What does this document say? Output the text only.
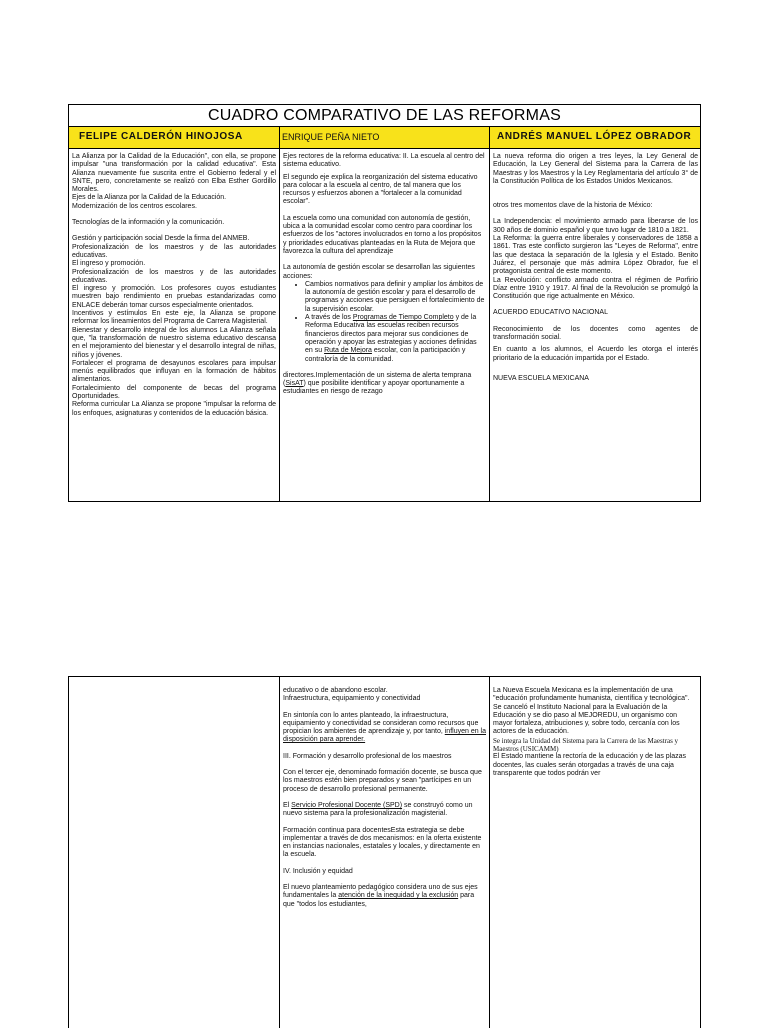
CUADRO COMPARATIVO DE LAS REFORMAS
FELIPE CALDERÓN HINOJOSA	ENRIQUE PEÑA NIETO	ANDRÉS MANUEL LÓPEZ OBRADOR

La Alianza por la Calidad de la Educación", con ella, se propone impulsar "una transformación por la calidad educativa". Esta Alianza nuevamente fue suscrita entre el Gobierno federal y el SNTE, pero, concretamente se realizó con Elba Esther Gordillo Morales.

Ejes de la Alianza por la Calidad de la Educación.

Modernización de los centros escolares.

Tecnologías de la información y la comunicación.

Gestión y participación social Desde la firma del ANMEB.

Profesionalización de los maestros y de las autoridades educativas.

El ingreso y promoción.

Profesionalización de los maestros y de las autoridades educativas.

El ingreso y promoción. Los profesores cuyos estudiantes muestren bajo rendimiento en pruebas estandarizadas como ENLACE deberán tomar cursos especialmente orientados.

Incentivos y estímulos En este eje, la Alianza se propone reformar los lineamientos del Programa de Carrera Magisterial.

Bienestar y desarrollo integral de los alumnos La Alianza señala que, "la transformación de nuestro sistema educativo descansa en el mejoramiento del bienestar y el desarrollo integral de niñas, niños y jóvenes.

Fortalecer el programa de desayunos escolares para impulsar menús equilibrados que influyan en la formación de hábitos alimentarios.

Fortalecimiento del componente de becas del programa Oportunidades.

Reforma curricular La Alianza se propone "impulsar la reforma de los enfoques, asignaturas y contenidos de la educación básica.

Ejes rectores de la reforma educativa: II. La escuela al centro del sistema educativo.

El segundo eje explica la reorganización del sistema educativo para colocar a la escuela al centro, de tal manera que los recursos y esfuerzos abonen a "fortalecer a la comunidad escolar".

La escuela como una comunidad con autonomía de gestión, ubica a la comunidad escolar como centro para coordinar los esfuerzos de los "actores involucrados en torno a los propósitos y prioridades educativas planteadas en la Ruta de Mejora que favorezca la cultura del aprendizaje

La autonomía de gestión escolar se desarrollan las siguientes acciones:

• Cambios normativos para definir y ampliar los ámbitos de la autonomía de gestión escolar y para el desarrollo de programas y acciones que persiguen el fortalecimiento de la supervisión escolar.
• A través de los Programas de Tiempo Completo y de la Reforma Educativa las escuelas reciben recursos financieros directos para mejorar sus condiciones de operación y apoyar las estrategias y acciones definidas en su Ruta de Mejora escolar, con la participación y contraloría de la comunidad.

directores.Implementación de un sistema de alerta temprana (SisAT) que posibilite identificar y apoyar oportunamente a estudiantes en riesgo de rezago

La nueva reforma dio origen a tres leyes, la Ley General de Educación, la Ley General del Sistema para la Carrera de las Maestras y los Maestros y la Ley Reglamentaria del artículo 3° de la Constitución Política de los Estados Unidos Mexicanos.

otros tres momentos clave de la historia de México:

La Independencia: el movimiento armado para liberarse de los 300 años de dominio español y que tuvo lugar de 1810 a 1821.

La Reforma: la guerra entre liberales y conservadores de 1858 a 1861. Tras este conflicto surgieron las "Leyes de Reforma", entre las que destaca la separación de la Iglesia y el Estado. Benito Juárez, el personaje que más admira López Obrador, fue el protagonista central de este momento.

La Revolución: conflicto armado contra el régimen de Porfirio Díaz entre 1910 y 1917. Al final de la Revolución se promulgó la Constitución que rige actualmente en México.

ACUERDO EDUCATIVO NACIONAL

Reconocimiento de los docentes como agentes de transformación social.

En cuanto a los alumnos, el Acuerdo les otorga el interés prioritario de la educación impartida por el Estado.

NUEVA ESCUELA MEXICANA

educativo o de abandono escolar.

Infraestructura, equipamiento y conectividad

En sintonía con lo antes planteado, la infraestructura, equipamiento y conectividad se consideran como recursos que propician los ambientes de aprendizaje y, por tanto, influyen en la disposición para aprender.

III. Formación y desarrollo profesional de los maestros

Con el tercer eje, denominado formación docente, se busca que los maestros estén bien preparados y sean "partícipes en un proceso de desarrollo profesional permanente.

El Servicio Profesional Docente (SPD) se construyó como un nuevo sistema para la profesionalización magisterial.

Formación continua para docentesEsta estrategia se debe implementar a través de dos mecanismos: en la oferta existente en instancias nacionales, estatales y locales, y directamente en la escuela.

IV. Inclusión y equidad

El nuevo planteamiento pedagógico considera uno de sus ejes fundamentales la atención de la inequidad y la exclusión para que "todos los estudiantes,

La Nueva Escuela Mexicana es la implementación de una "educación profundamente humanista, científica y tecnológica".

Se canceló el Instituto Nacional para la Evaluación de la Educación y se dio paso al MEJOREDU, un organismo con mayor fortaleza, atribuciones y, sobre todo, cercanía con los actores de la educación.

Se integra la Unidad del Sistema para la Carrera de las Maestras y Maestros (USICAMM)

El Estado mantiene la rectoría de la educación y de las plazas docentes, las cuales serán otorgadas a través de una caja transparente que todos podrán ver
